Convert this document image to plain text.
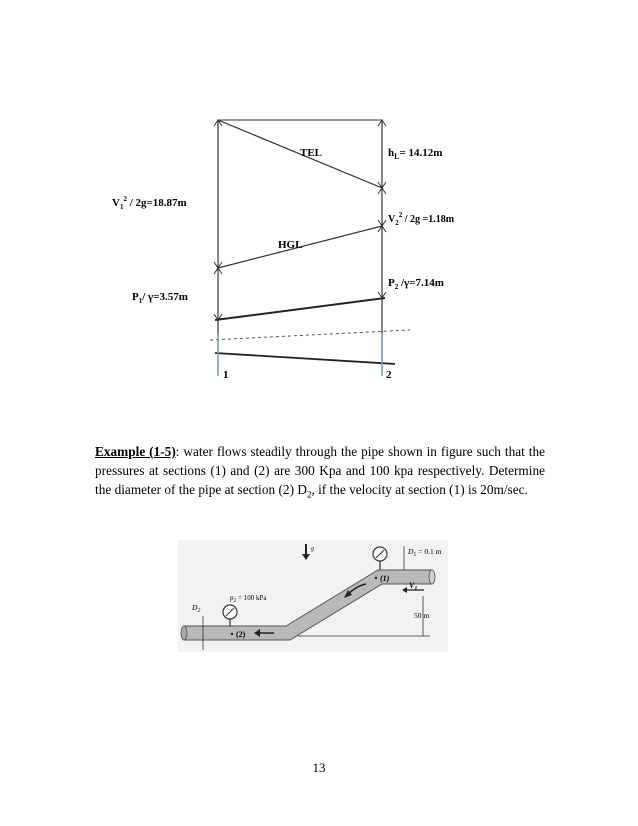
TEL
HGL
$h_L= 14.12m$
$V_1^2 / 2g=18.87m$
$V_2^2 / 2g =1.18m$
$P_1/$ γ=3.57m
$P_2$ /γ=7.14m
1	2

Example (1-5): water flows steadily through the pipe shown in figure such that the pressures at sections (1) and (2) are 300 Kpa and 100 kpa respectively. Determine the diameter of the pipe at section (2) $D_2$, if the velocity at section (1) is 20m/sec.

g
$V_1$
$D_1 = 0.1$ m
(1)
(2)
$p_2 = 100$ kPa
$D_2$	50 m
13
